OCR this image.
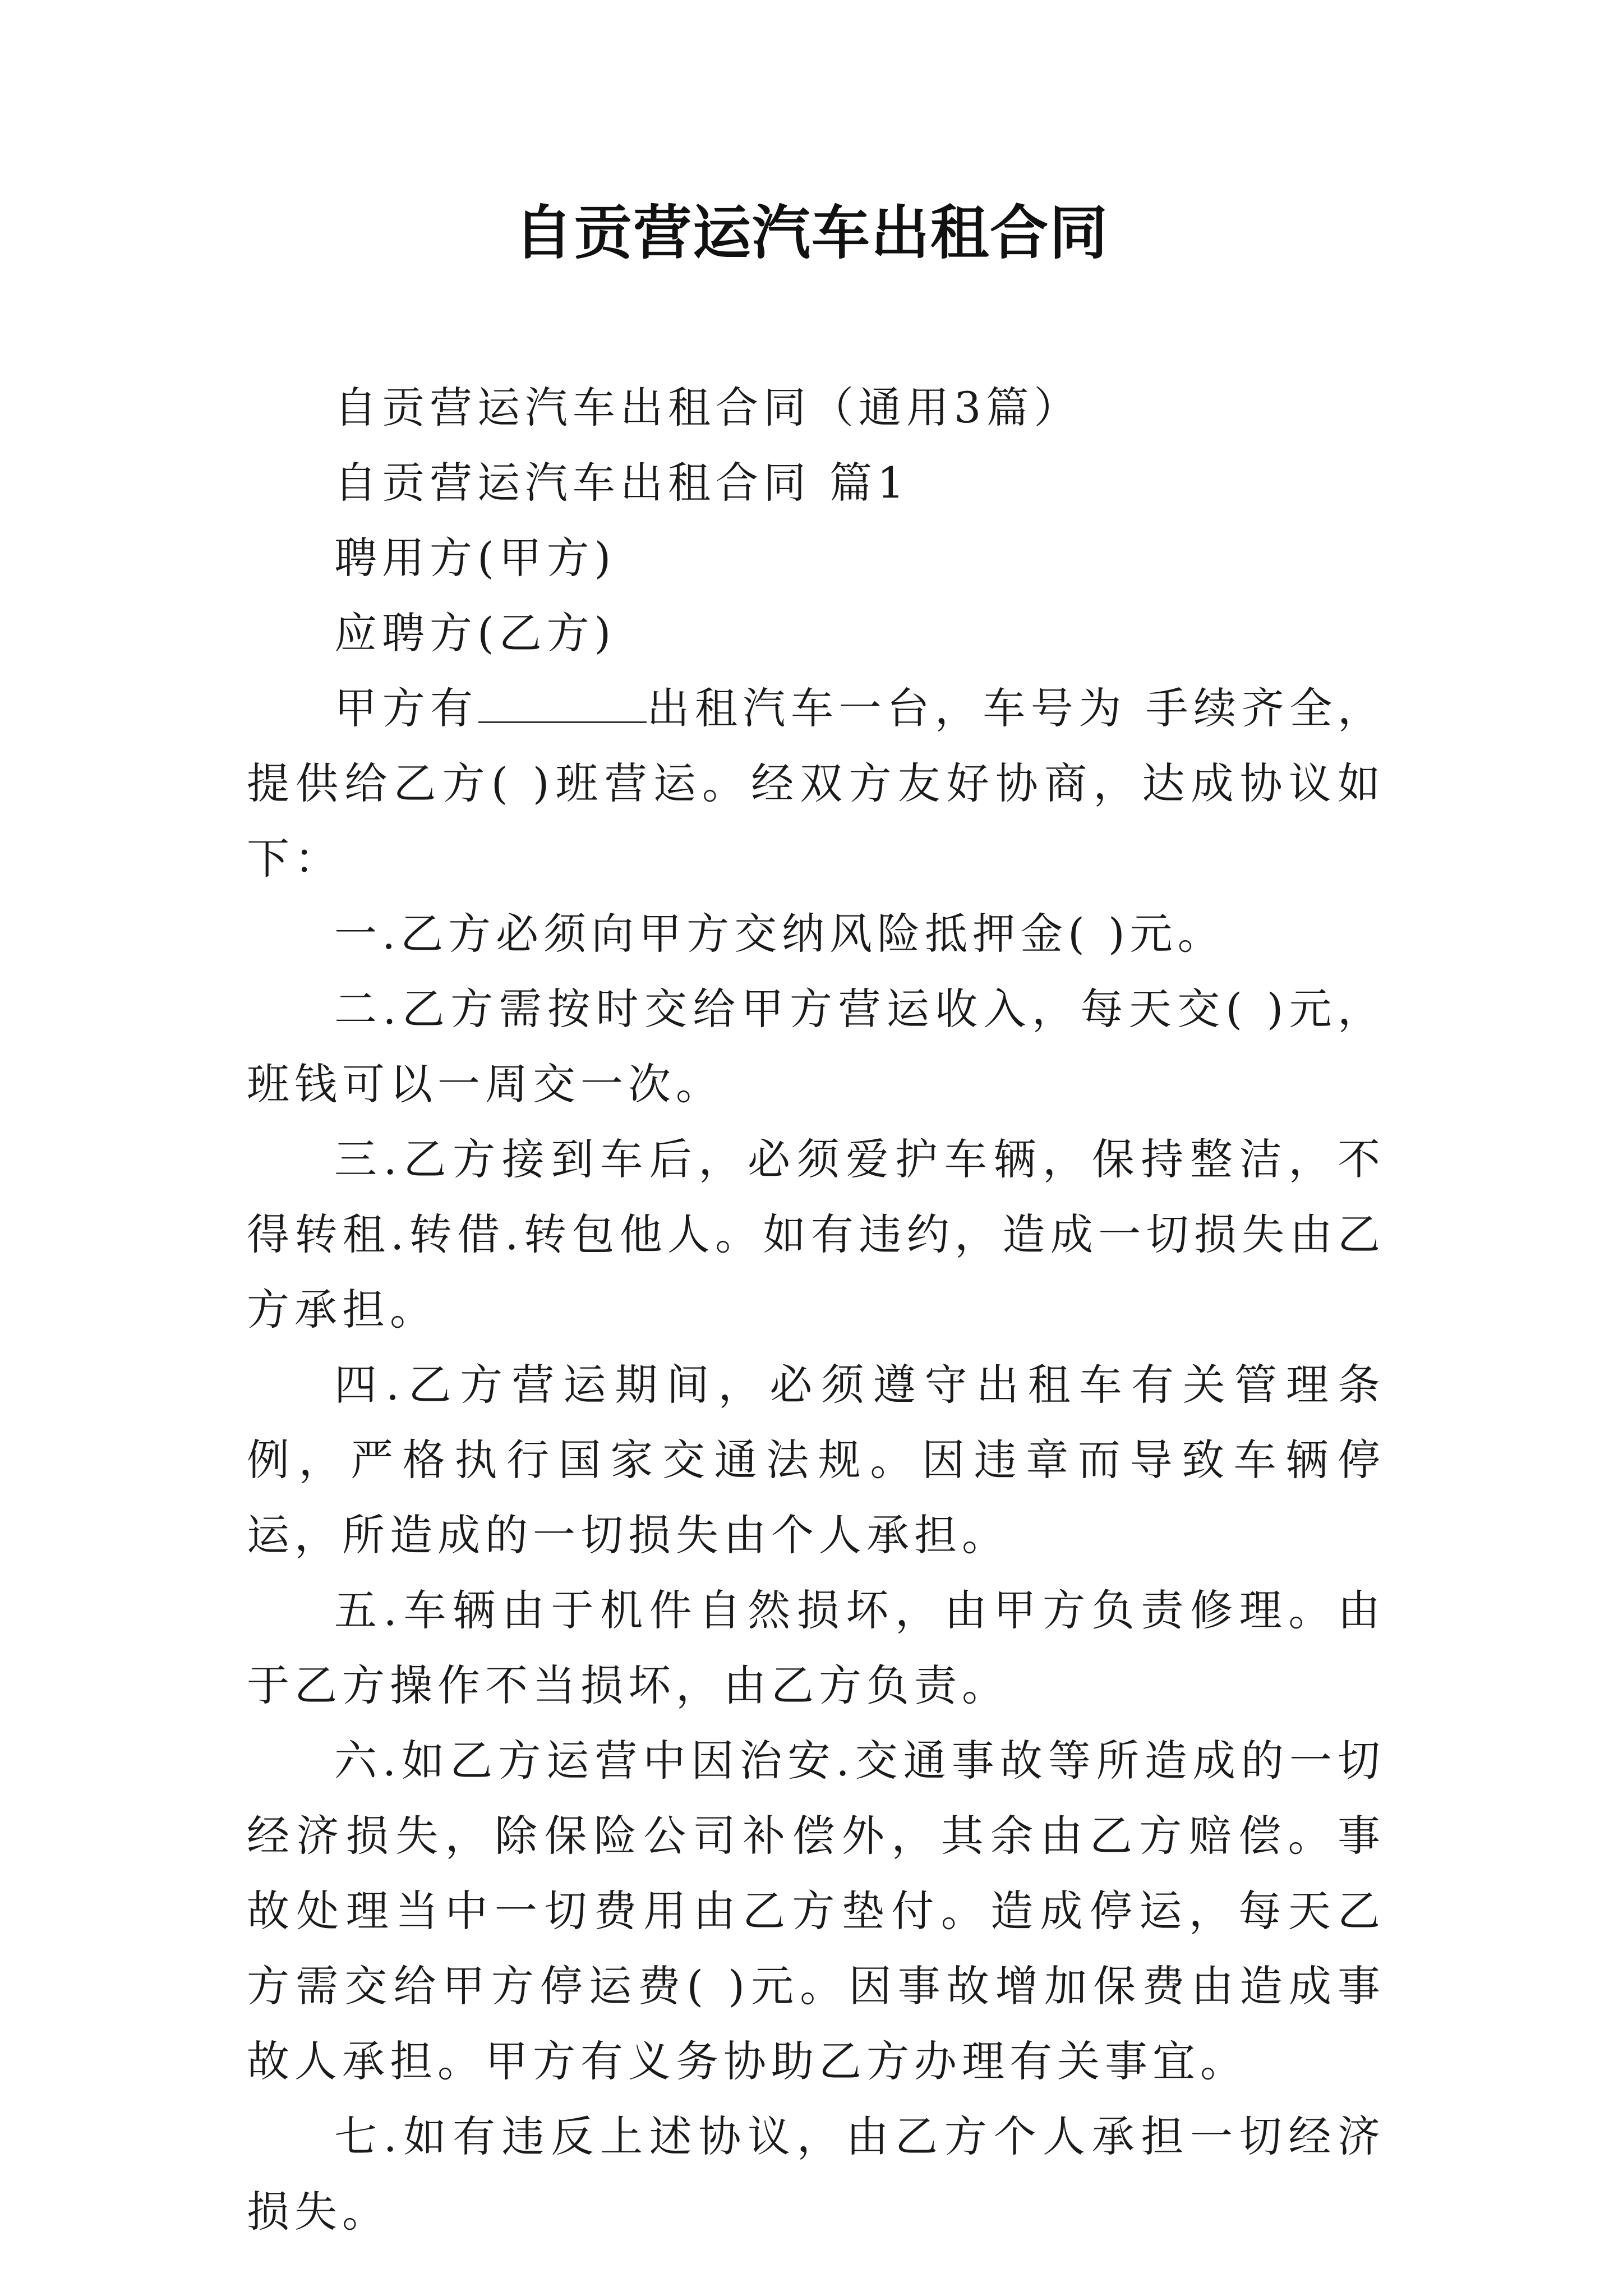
自贡营运汽车出租合同

自贡营运汽车出租合同（通用3篇）

自贡营运汽车出租合同 篇1

聘用方(甲方)

应聘方(乙方)

甲方有	出租汽车一台，车号为 手续齐全，提供给乙方( )班营运。经双方友好协商，达成协议如下：

一.乙方必须向甲方交纳风险抵押金( )元。

二.乙方需按时交给甲方营运收入，每天交( )元，班钱可以一周交一次。

三.乙方接到车后，必须爱护车辆，保持整洁，不得转租.转借.转包他人。如有违约，造成一切损失由乙方承担。

四.乙方营运期间，必须遵守出租车有关管理条例，严格执行国家交通法规。因违章而导致车辆停运，所造成的一切损失由个人承担。

五.车辆由于机件自然损坏，由甲方负责修理。由于乙方操作不当损坏，由乙方负责。

六.如乙方运营中因治安.交通事故等所造成的一切经济损失，除保险公司补偿外，其余由乙方赔偿。事故处理当中一切费用由乙方垫付。造成停运，每天乙方需交给甲方停运费( )元。因事故增加保费由造成事故人承担。甲方有义务协助乙方办理有关事宜。

七.如有违反上述协议，由乙方个人承担一切经济损失。
